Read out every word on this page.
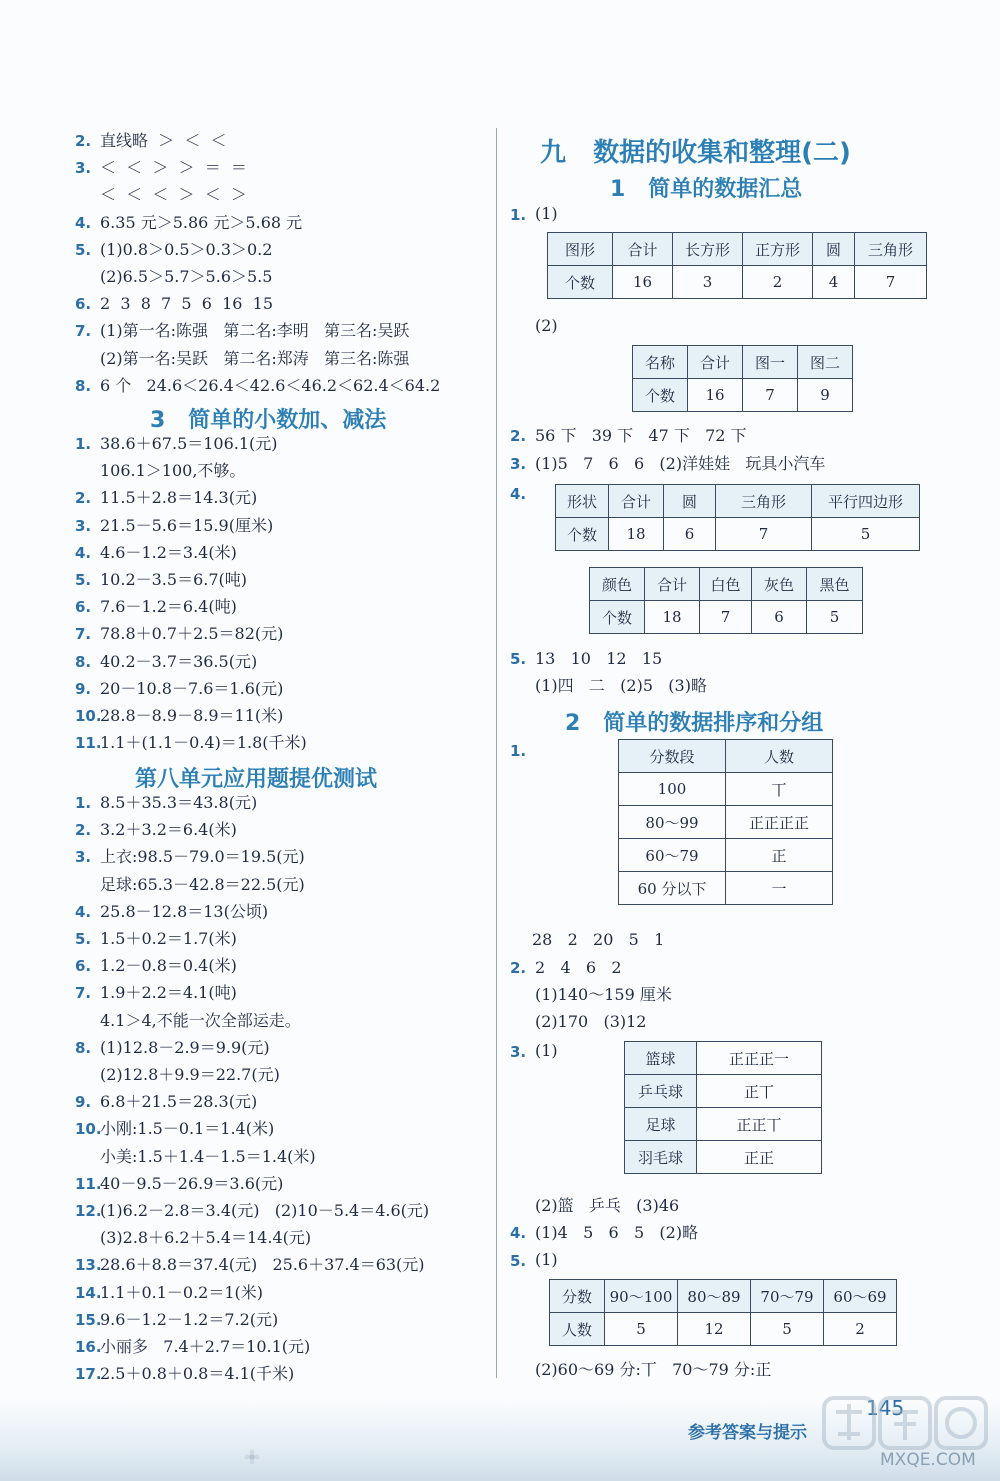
2. 直线略  ＞  ＜  ＜
3. ＜  ＜  ＞  ＞  ＝  ＝
＜  ＜  ＜  ＞  ＜  ＞
4. 6.35 元＞5.86 元＞5.68 元
5. (1)0.8＞0.5＞0.3＞0.2
(2)6.5＞5.7＞5.6＞5.5
6. 2  3  8  7  5  6  16  15
7. (1)第一名:陈强   第二名:李明   第三名:吴跃
(2)第一名:吴跃   第二名:郑涛   第三名:陈强
8. 6 个   24.6＜26.4＜42.6＜46.2＜62.4＜64.2
3   简单的小数加、减法
1. 38.6＋67.5＝106.1(元)
106.1＞100,不够。
2. 11.5＋2.8＝14.3(元)
3. 21.5－5.6＝15.9(厘米)
4. 4.6－1.2＝3.4(米)
5. 10.2－3.5＝6.7(吨)
6. 7.6－1.2＝6.4(吨)
7. 78.8＋0.7＋2.5＝82(元)
8. 40.2－3.7＝36.5(元)
9. 20－10.8－7.6＝1.6(元)
10.
28.8－8.9－8.9＝11(米)
11.
1.1＋(1.1－0.4)＝1.8(千米)
第八单元应用题提优测试
1. 8.5＋35.3＝43.8(元)
2. 3.2＋3.2＝6.4(米)
3. 上衣:98.5－79.0＝19.5(元)
足球:65.3－42.8＝22.5(元)
4. 25.8－12.8＝13(公顷)
5. 1.5＋0.2＝1.7(米)
6. 1.2－0.8＝0.4(米)
7. 1.9＋2.2＝4.1(吨)
4.1＞4,不能一次全部运走。
8. (1)12.8－2.9＝9.9(元)
(2)12.8＋9.9＝22.7(元)
9. 6.8＋21.5＝28.3(元)
10.
小刚:1.5－0.1＝1.4(米)
小美:1.5＋1.4－1.5＝1.4(米)
11.
40－9.5－26.9＝3.6(元)
12.
(1)6.2－2.8＝3.4(元)   (2)10－5.4＝4.6(元)
(3)2.8＋6.2＋5.4＝14.4(元)
13.
28.6＋8.8＝37.4(元)   25.6＋37.4＝63(元)
14.
1.1＋0.1－0.2＝1(米)
15.
9.6－1.2－1.2＝7.2(元)
16.
小丽多   7.4＋2.7＝10.1(元)
17.
2.5＋0.8＋0.8＝4.1(千米)
九   数据的收集和整理(二)
1   简单的数据汇总
1. (1)
图形	合计	长方形	正方形	圆	三角形
个数	16	3	2	4	7
(2)
名称	合计	图一	图二
个数	16	7	9
2. 56 下   39 下   47 下   72 下
3. (1)5   7   6   6   (2)洋娃娃   玩具小汽车
4.	形状	合计	圆	三角形	平行四边形
个数	18	6	7	5
颜色	合计	白色	灰色	黑色
个数	18	7	6	5
5. 13   10   12   15
(1)四   二   (2)5   (3)略
2   简单的数据排序和分组
1.	分数段	人数
100	丅
80～99	正正正正
60～79	正
60 分以下	一
28   2   20   5   1
2. 2   4   6   2
(1)140～159 厘米
(2)170   (3)12
3. (1)	篮球	正正正一
乒乓球	正丅
足球	正正丅
羽毛球	正正
(2)篮   乒乓   (3)46
4. (1)4   5   6   5   (2)略
5. (1)
分数	90～100	80～89	70～79	60～69
人数	5	12	5	2
(2)60～69 分:丅   70～79 分:正
参考答案与提示
145
MXQE.COM
